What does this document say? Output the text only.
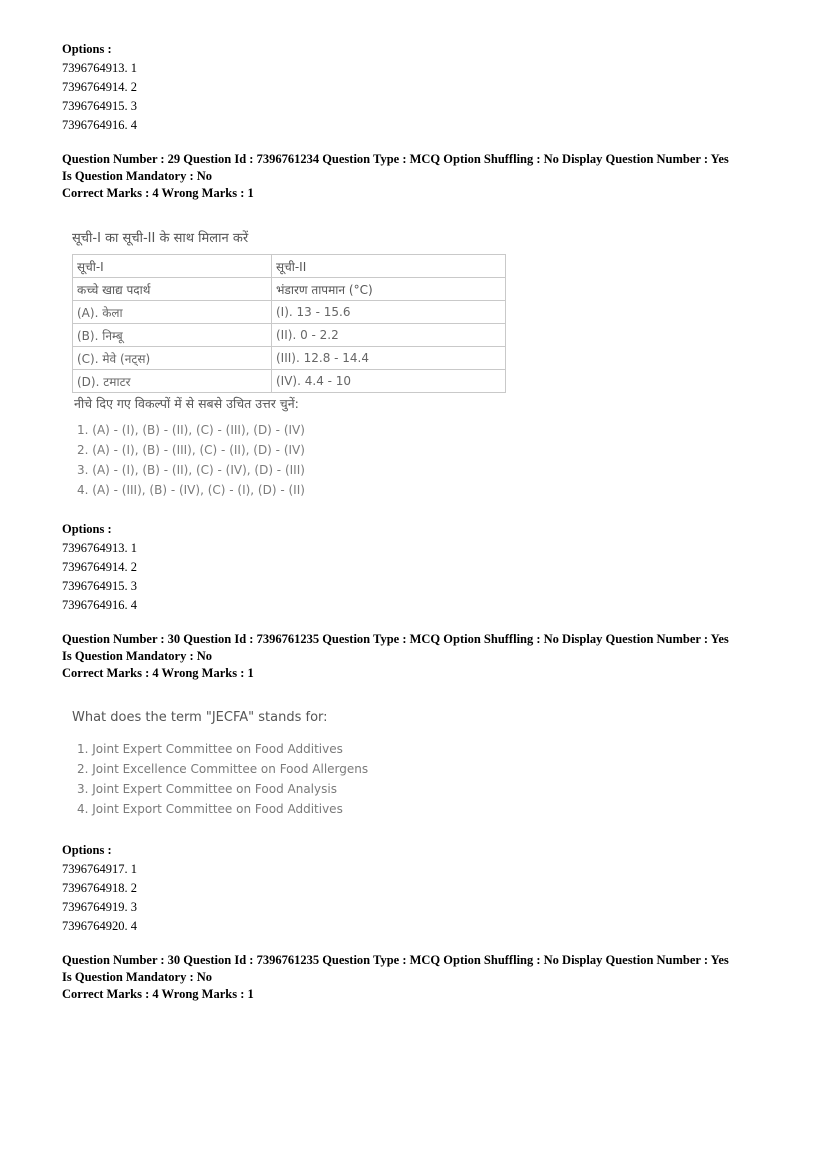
Options :
7396764913. 1
7396764914. 2
7396764915. 3
7396764916. 4
Question Number : 29 Question Id : 7396761234 Question Type : MCQ Option Shuffling : No Display Question Number : Yes
Is Question Mandatory : No
Correct Marks : 4 Wrong Marks : 1
सूची-I का सूची-II के साथ मिलान करें
सूची-I	सूची-II
कच्चे खाद्य पदार्थ	भंडारण तापमान (°C)
(A). केला	(I). 13 - 15.6
(B). निम्बू	(II). 0 - 2.2
(C). मेवे (नट्स)	(III). 12.8 - 14.4
(D). टमाटर	(IV). 4.4 - 10
नीचे दिए गए विकल्पों में से सबसे उचित उत्तर चुनें:
1. (A) - (I), (B) - (II), (C) - (III), (D) - (IV)
2. (A) - (I), (B) - (III), (C) - (II), (D) - (IV)
3. (A) - (I), (B) - (II), (C) - (IV), (D) - (III)
4. (A) - (III), (B) - (IV), (C) - (I), (D) - (II)
Options :
7396764913. 1
7396764914. 2
7396764915. 3
7396764916. 4
Question Number : 30 Question Id : 7396761235 Question Type : MCQ Option Shuffling : No Display Question Number : Yes
Is Question Mandatory : No
Correct Marks : 4 Wrong Marks : 1
What does the term "JECFA" stands for:
1. Joint Expert Committee on Food Additives
2. Joint Excellence Committee on Food Allergens
3. Joint Expert Committee on Food Analysis
4. Joint Export Committee on Food Additives
Options :
7396764917. 1
7396764918. 2
7396764919. 3
7396764920. 4
Question Number : 30 Question Id : 7396761235 Question Type : MCQ Option Shuffling : No Display Question Number : Yes
Is Question Mandatory : No
Correct Marks : 4 Wrong Marks : 1
